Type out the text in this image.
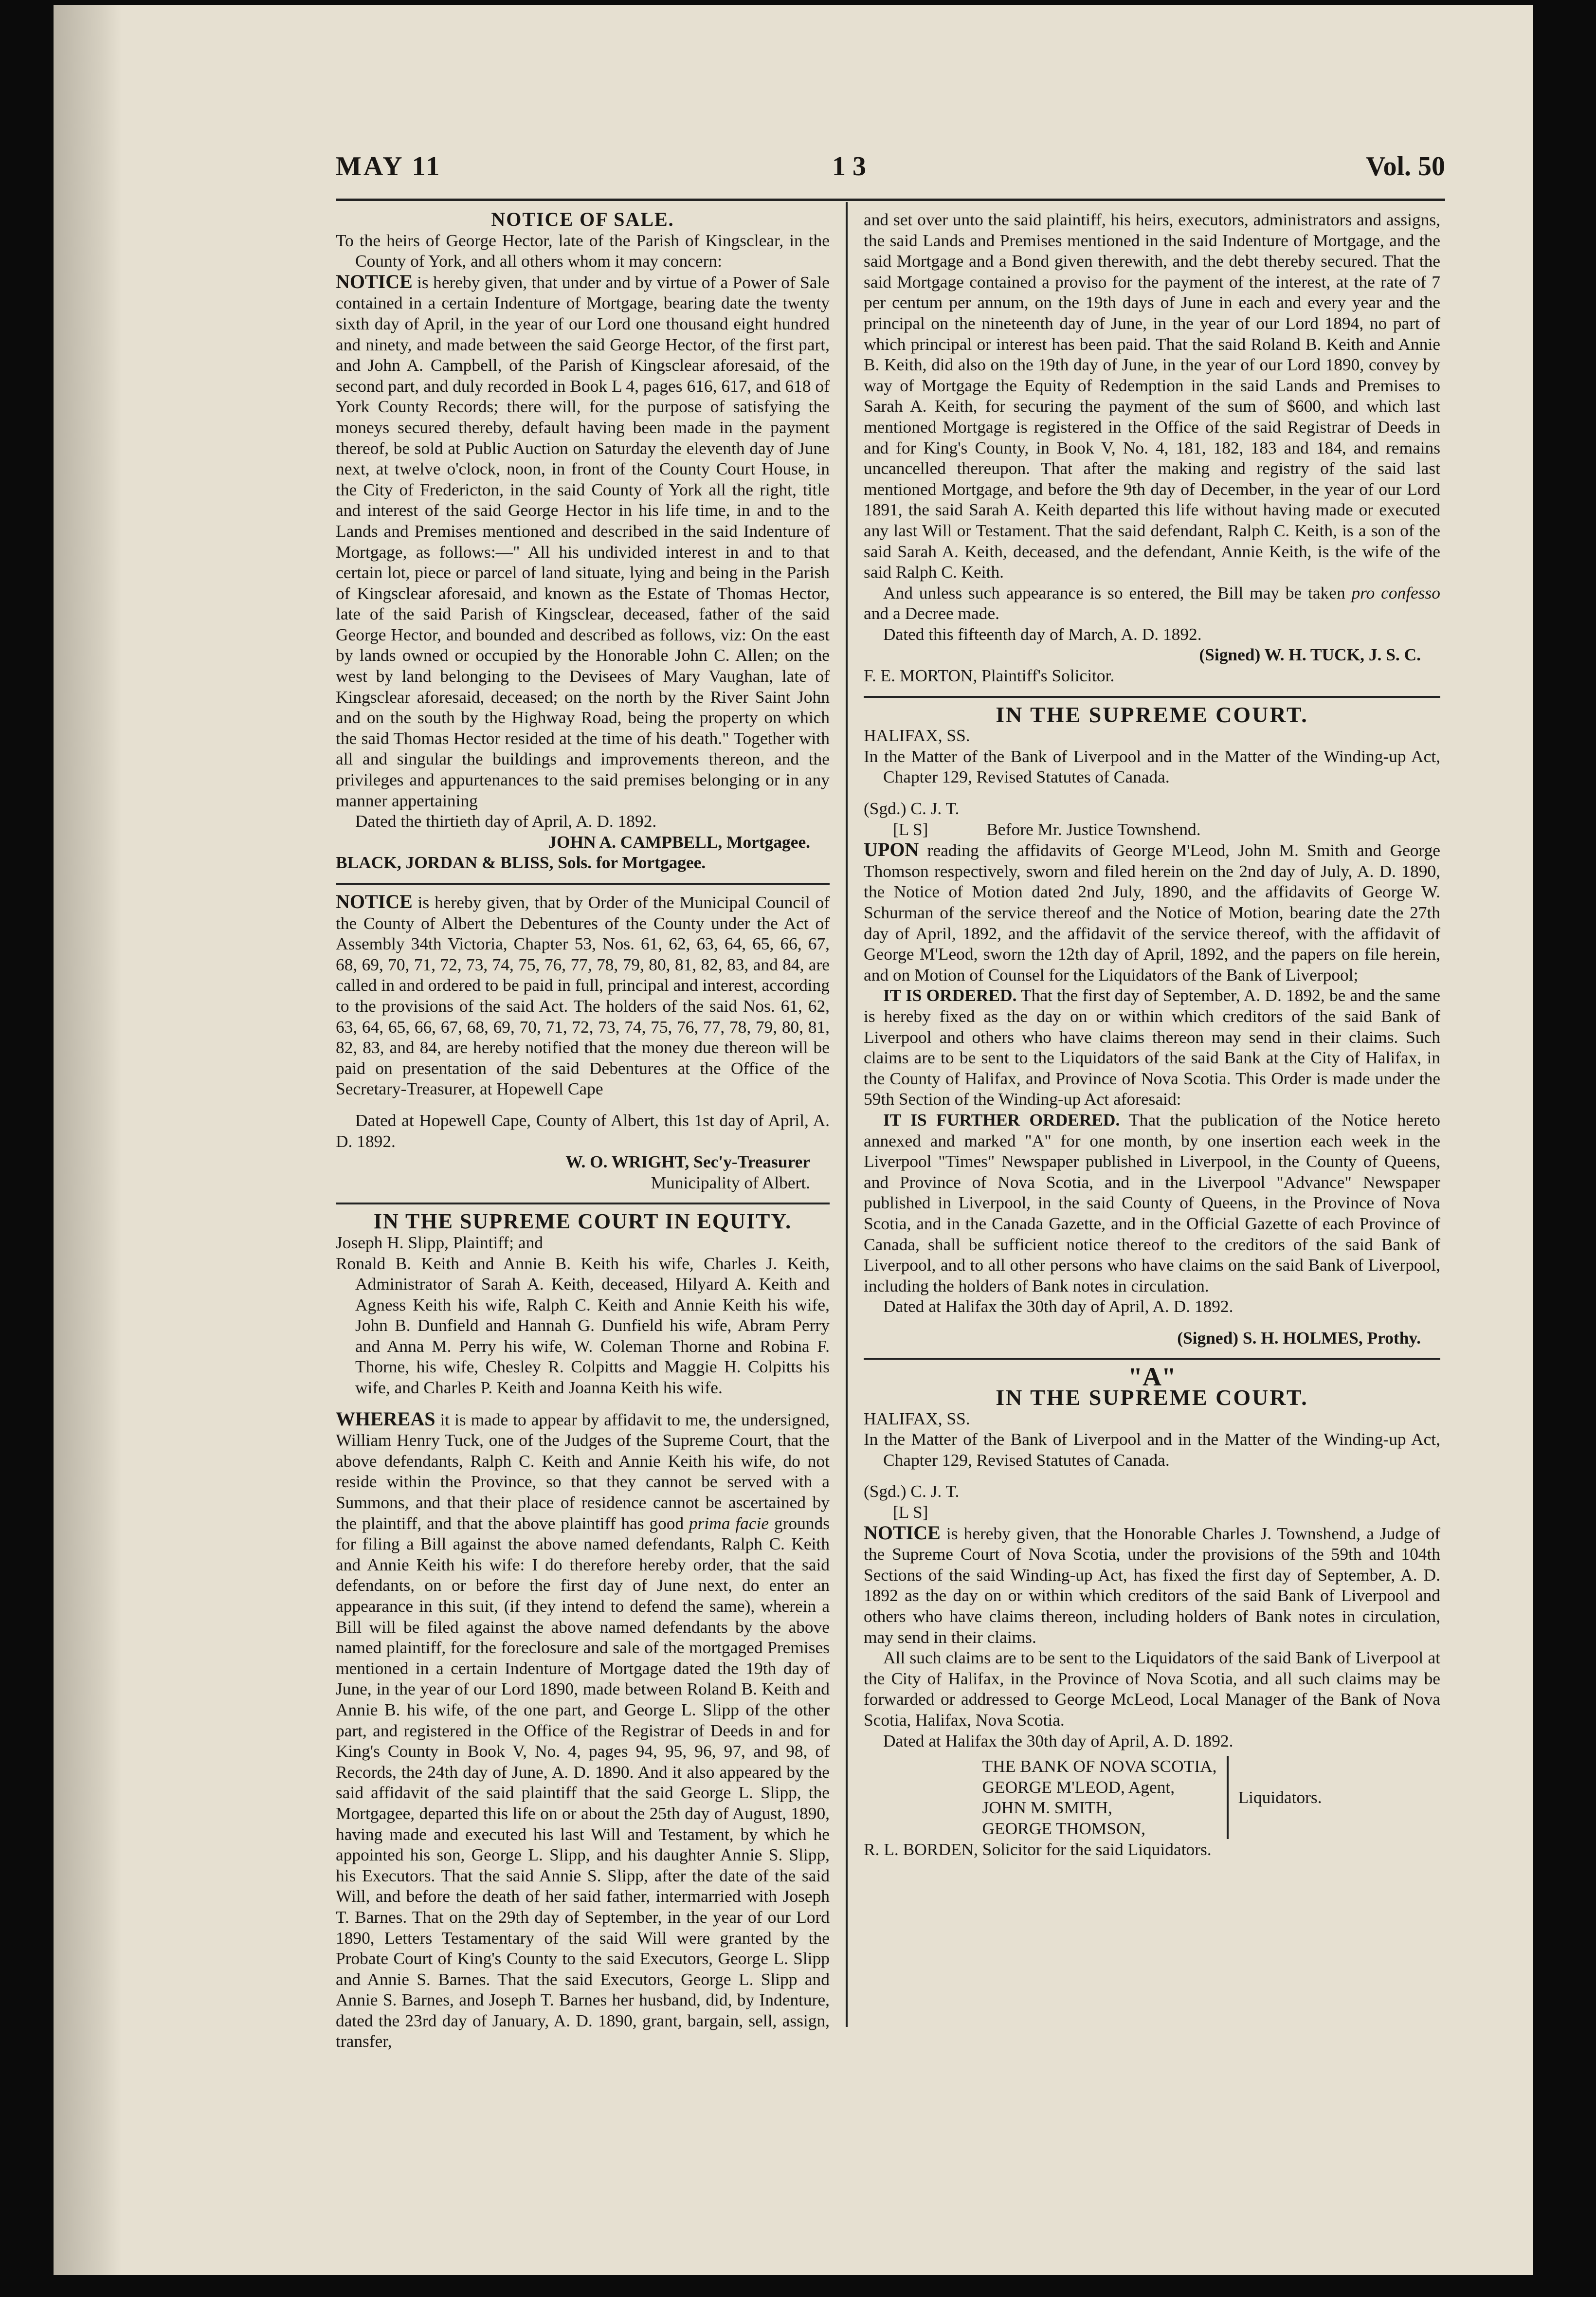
MAY 11	1 3	Vol. 50

NOTICE OF SALE.

To the heirs of George Hector, late of the Parish of Kingsclear, in the County of York, and all others whom it may concern:

NOTICE is hereby given, that under and by virtue of a Power of Sale contained in a certain Indenture of Mortgage, bearing date the twenty sixth day of April, in the year of our Lord one thousand eight hundred and ninety, and made between the said George Hector, of the first part, and John A. Campbell, of the Parish of Kingsclear aforesaid, of the second part, and duly recorded in Book L 4, pages 616, 617, and 618 of York County Records; there will, for the purpose of satisfying the moneys secured thereby, default having been made in the payment thereof, be sold at Public Auction on Saturday the eleventh day of June next, at twelve o'clock, noon, in front of the County Court House, in the City of Fredericton, in the said County of York all the right, title and interest of the said George Hector in his life time, in and to the Lands and Premises mentioned and described in the said Indenture of Mortgage, as follows:—" All his undivided interest in and to that certain lot, piece or parcel of land situate, lying and being in the Parish of Kingsclear aforesaid, and known as the Estate of Thomas Hector, late of the said Parish of Kingsclear, deceased, father of the said George Hector, and bounded and described as follows, viz: On the east by lands owned or occupied by the Honorable John C. Allen; on the west by land belonging to the Devisees of Mary Vaughan, late of Kingsclear aforesaid, deceased; on the north by the River Saint John and on the south by the Highway Road, being the property on which the said Thomas Hector resided at the time of his death." Together with all and singular the buildings and improvements thereon, and the privileges and appurtenances to the said premises belonging or in any manner appertaining

Dated the thirtieth day of April, A. D. 1892.

JOHN A. CAMPBELL, Mortgagee.

BLACK, JORDAN & BLISS, Sols. for Mortgagee.

NOTICE is hereby given, that by Order of the Municipal Council of the County of Albert the Debentures of the County under the Act of Assembly 34th Victoria, Chapter 53, Nos. 61, 62, 63, 64, 65, 66, 67, 68, 69, 70, 71, 72, 73, 74, 75, 76, 77, 78, 79, 80, 81, 82, 83, and 84, are called in and ordered to be paid in full, principal and interest, according to the provisions of the said Act. The holders of the said Nos. 61, 62, 63, 64, 65, 66, 67, 68, 69, 70, 71, 72, 73, 74, 75, 76, 77, 78, 79, 80, 81, 82, 83, and 84, are hereby notified that the money due thereon will be paid on presentation of the said Debentures at the Office of the Secretary-Treasurer, at Hopewell Cape

Dated at Hopewell Cape, County of Albert, this 1st day of April, A. D. 1892.

W. O. WRIGHT, Sec'y-Treasurer

Municipality of Albert.

IN THE SUPREME COURT IN EQUITY.

Joseph H. Slipp, Plaintiff; and

Ronald B. Keith and Annie B. Keith his wife, Charles J. Keith, Administrator of Sarah A. Keith, deceased, Hilyard A. Keith and Agness Keith his wife, Ralph C. Keith and Annie Keith his wife, John B. Dunfield and Hannah G. Dunfield his wife, Abram Perry and Anna M. Perry his wife, W. Coleman Thorne and Robina F. Thorne, his wife, Chesley R. Colpitts and Maggie H. Colpitts his wife, and Charles P. Keith and Joanna Keith his wife.

WHEREAS it is made to appear by affidavit to me, the undersigned, William Henry Tuck, one of the Judges of the Supreme Court, that the above defendants, Ralph C. Keith and Annie Keith his wife, do not reside within the Province, so that they cannot be served with a Summons, and that their place of residence cannot be ascertained by the plaintiff, and that the above plaintiff has good prima facie grounds for filing a Bill against the above named defendants, Ralph C. Keith and Annie Keith his wife: I do therefore hereby order, that the said defendants, on or before the first day of June next, do enter an appearance in this suit, (if they intend to defend the same), wherein a Bill will be filed against the above named defendants by the above named plaintiff, for the foreclosure and sale of the mortgaged Premises mentioned in a certain Indenture of Mortgage dated the 19th day of June, in the year of our Lord 1890, made between Roland B. Keith and Annie B. his wife, of the one part, and George L. Slipp of the other part, and registered in the Office of the Registrar of Deeds in and for King's County in Book V, No. 4, pages 94, 95, 96, 97, and 98, of Records, the 24th day of June, A. D. 1890. And it also appeared by the said affidavit of the said plaintiff that the said George L. Slipp, the Mortgagee, departed this life on or about the 25th day of August, 1890, having made and executed his last Will and Testament, by which he appointed his son, George L. Slipp, and his daughter Annie S. Slipp, his Executors. That the said Annie S. Slipp, after the date of the said Will, and before the death of her said father, intermarried with Joseph T. Barnes. That on the 29th day of September, in the year of our Lord 1890, Letters Testamentary of the said Will were granted by the Probate Court of King's County to the said Executors, George L. Slipp and Annie S. Barnes. That the said Executors, George L. Slipp and Annie S. Barnes, and Joseph T. Barnes her husband, did, by Indenture, dated the 23rd day of January, A. D. 1890, grant, bargain, sell, assign, transfer,

and set over unto the said plaintiff, his heirs, executors, administrators and assigns, the said Lands and Premises mentioned in the said Indenture of Mortgage, and the said Mortgage and a Bond given therewith, and the debt thereby secured. That the said Mortgage contained a proviso for the payment of the interest, at the rate of 7 per centum per annum, on the 19th days of June in each and every year and the principal on the nineteenth day of June, in the year of our Lord 1894, no part of which principal or interest has been paid. That the said Roland B. Keith and Annie B. Keith, did also on the 19th day of June, in the year of our Lord 1890, convey by way of Mortgage the Equity of Redemption in the said Lands and Premises to Sarah A. Keith, for securing the payment of the sum of $600, and which last mentioned Mortgage is registered in the Office of the said Registrar of Deeds in and for King's County, in Book V, No. 4, 181, 182, 183 and 184, and remains uncancelled thereupon. That after the making and registry of the said last mentioned Mortgage, and before the 9th day of December, in the year of our Lord 1891, the said Sarah A. Keith departed this life without having made or executed any last Will or Testament. That the said defendant, Ralph C. Keith, is a son of the said Sarah A. Keith, deceased, and the defendant, Annie Keith, is the wife of the said Ralph C. Keith.

And unless such appearance is so entered, the Bill may be taken pro confesso and a Decree made.

Dated this fifteenth day of March, A. D. 1892.

(Signed) W. H. TUCK, J. S. C.

F. E. MORTON, Plaintiff's Solicitor.

IN THE SUPREME COURT.

HALIFAX, SS.

In the Matter of the Bank of Liverpool and in the Matter of the Winding-up Act, Chapter 129, Revised Statutes of Canada.

(Sgd.) C. J. T.

[L S]	Before Mr. Justice Townshend.

UPON reading the affidavits of George M'Leod, John M. Smith and George Thomson respectively, sworn and filed herein on the 2nd day of July, A. D. 1890, the Notice of Motion dated 2nd July, 1890, and the affidavits of George W. Schurman of the service thereof and the Notice of Motion, bearing date the 27th day of April, 1892, and the affidavit of the service thereof, with the affidavit of George M'Leod, sworn the 12th day of April, 1892, and the papers on file herein, and on Motion of Counsel for the Liquidators of the Bank of Liverpool;

IT IS ORDERED. That the first day of September, A. D. 1892, be and the same is hereby fixed as the day on or within which creditors of the said Bank of Liverpool and others who have claims thereon may send in their claims. Such claims are to be sent to the Liquidators of the said Bank at the City of Halifax, in the County of Halifax, and Province of Nova Scotia. This Order is made under the 59th Section of the Winding-up Act aforesaid:

IT IS FURTHER ORDERED. That the publication of the Notice hereto annexed and marked "A" for one month, by one insertion each week in the Liverpool "Times" Newspaper published in Liverpool, in the County of Queens, and Province of Nova Scotia, and in the Liverpool "Advance" Newspaper published in Liverpool, in the said County of Queens, in the Province of Nova Scotia, and in the Canada Gazette, and in the Official Gazette of each Province of Canada, shall be sufficient notice thereof to the creditors of the said Bank of Liverpool, and to all other persons who have claims on the said Bank of Liverpool, including the holders of Bank notes in circulation.

Dated at Halifax the 30th day of April, A. D. 1892.

(Signed) S. H. HOLMES, Prothy.

"A"

IN THE SUPREME COURT.

HALIFAX, SS.

In the Matter of the Bank of Liverpool and in the Matter of the Winding-up Act, Chapter 129, Revised Statutes of Canada.

(Sgd.) C. J. T.

[L S]

NOTICE is hereby given, that the Honorable Charles J. Townshend, a Judge of the Supreme Court of Nova Scotia, under the provisions of the 59th and 104th Sections of the said Winding-up Act, has fixed the first day of September, A. D. 1892 as the day on or within which creditors of the said Bank of Liverpool and others who have claims thereon, including holders of Bank notes in circulation, may send in their claims.

All such claims are to be sent to the Liquidators of the said Bank of Liverpool at the City of Halifax, in the Province of Nova Scotia, and all such claims may be forwarded or addressed to George McLeod, Local Manager of the Bank of Nova Scotia, Halifax, Nova Scotia.

Dated at Halifax the 30th day of April, A. D. 1892.

THE BANK OF NOVA SCOTIA,
GEORGE M'LEOD, Agent,
JOHN M. SMITH,
GEORGE THOMSON,
Liquidators.

R. L. BORDEN, Solicitor for the said Liquidators.
